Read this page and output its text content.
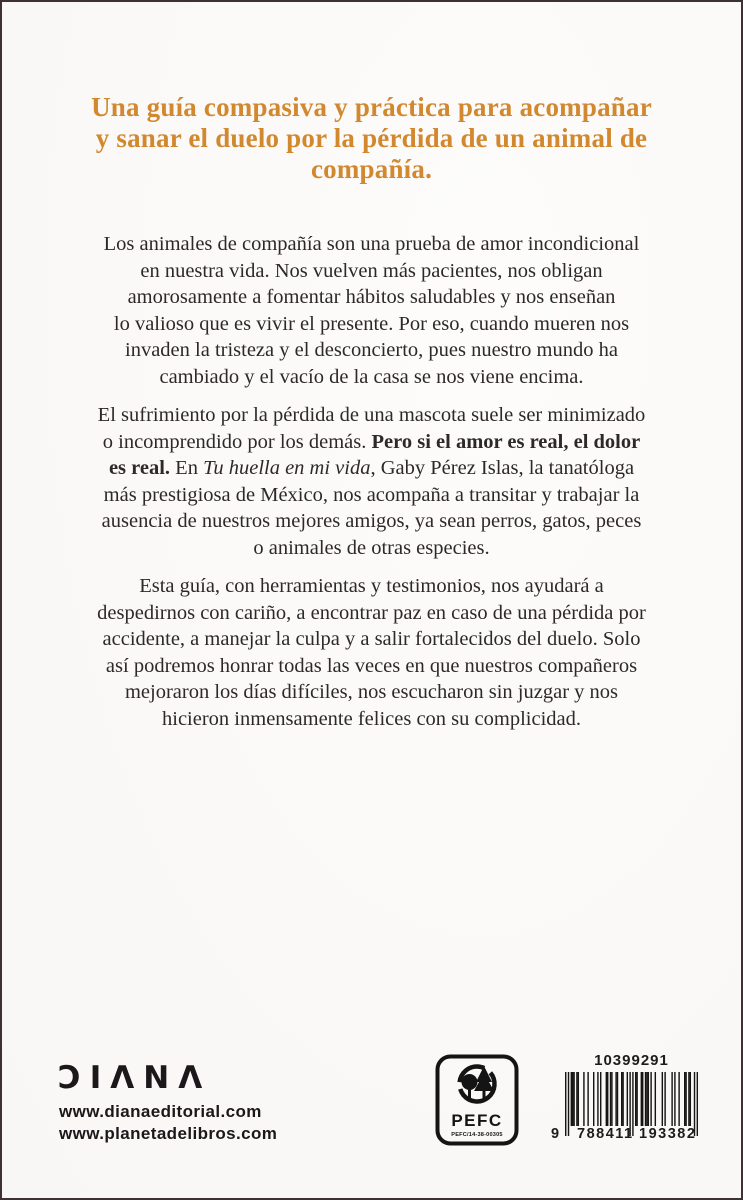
Una guía compasiva y práctica para acompañar
y sanar el duelo por la pérdida de un animal de
compañía.
Los animales de compañía son una prueba de amor incondicional
en nuestra vida. Nos vuelven más pacientes, nos obligan
amorosamente a fomentar hábitos saludables y nos enseñan
lo valioso que es vivir el presente. Por eso, cuando mueren nos
invaden la tristeza y el desconcierto, pues nuestro mundo ha
cambiado y el vacío de la casa se nos viene encima.
El sufrimiento por la pérdida de una mascota suele ser minimizado
o incomprendido por los demás. Pero si el amor es real, el dolor
es real. En Tu huella en mi vida, Gaby Pérez Islas, la tanatóloga
más prestigiosa de México, nos acompaña a transitar y trabajar la
ausencia de nuestros mejores amigos, ya sean perros, gatos, peces
o animales de otras especies.
Esta guía, con herramientas y testimonios, nos ayudará a
despedirnos con cariño, a encontrar paz en caso de una pérdida por
accidente, a manejar la culpa y a salir fortalecidos del duelo. Solo
así podremos honrar todas las veces en que nuestros compañeros
mejoraron los días difíciles, nos escucharon sin juzgar y nos
hicieron inmensamente felices con su complicidad.
ƆIΛNΛ
www.dianaeditorial.com
www.planetadelibros.com
PEFC
PEFC/14-38-00305
10399291
9 788411 193382
